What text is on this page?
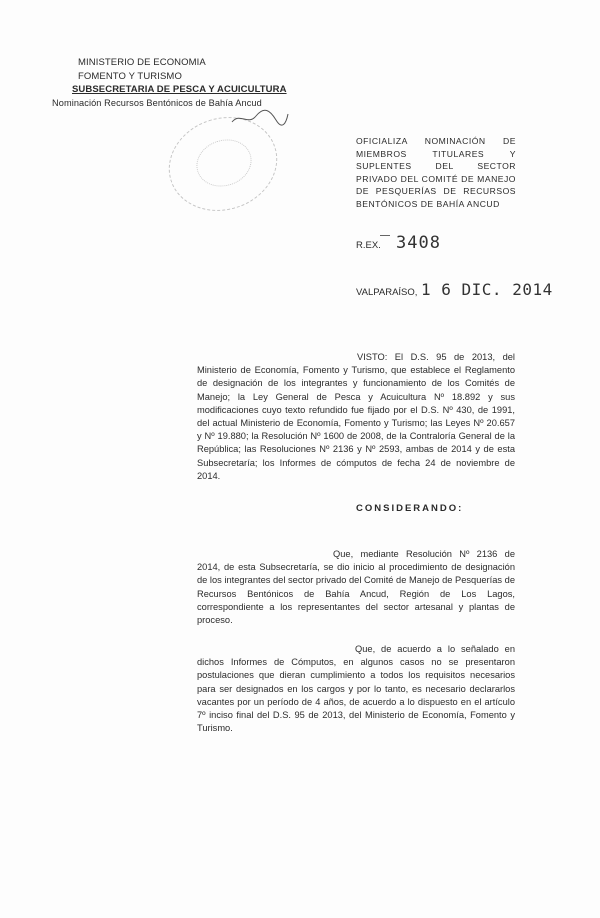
MINISTERIO DE ECONOMIA
FOMENTO Y TURISMO
SUBSECRETARIA DE PESCA Y ACUICULTURA
Nominación Recursos Bentónicos de Bahía Ancud
OFICIALIZA NOMINACIÓN DE MIEMBROS TITULARES Y SUPLENTES DEL SECTOR PRIVADO DEL COMITÉ DE MANEJO DE PESQUERÍAS DE RECURSOS BENTÓNICOS DE BAHÍA ANCUD
R.EX. 3408
VALPARAÍSO, 1 6 DIC. 2014
VISTO: El D.S. 95 de 2013, del Ministerio de Economía, Fomento y Turismo, que establece el Reglamento de designación de los integrantes y funcionamiento de los Comités de Manejo; la Ley General de Pesca y Acuicultura Nº 18.892 y sus modificaciones cuyo texto refundido fue fijado por el D.S. Nº 430, de 1991, del actual Ministerio de Economía, Fomento y Turismo; las Leyes Nº 20.657 y Nº 19.880; la Resolución Nº 1600 de 2008, de la Contraloría General de la República; las Resoluciones Nº 2136 y Nº 2593, ambas de 2014 y de esta Subsecretaría; los Informes de cómputos de fecha 24 de noviembre de 2014.
CONSIDERANDO:
Que, mediante Resolución Nº 2136 de 2014, de esta Subsecretaría, se dio inicio al procedimiento de designación de los integrantes del sector privado del Comité de Manejo de Pesquerías de Recursos Bentónicos de Bahía Ancud, Región de Los Lagos, correspondiente a los representantes del sector artesanal y plantas de proceso.
Que, de acuerdo a lo señalado en dichos Informes de Cómputos, en algunos casos no se presentaron postulaciones que dieran cumplimiento a todos los requisitos necesarios para ser designados en los cargos y por lo tanto, es necesario declararlos vacantes por un período de 4 años, de acuerdo a lo dispuesto en el artículo 7º inciso final del D.S. 95 de 2013, del Ministerio de Economía, Fomento y Turismo.
